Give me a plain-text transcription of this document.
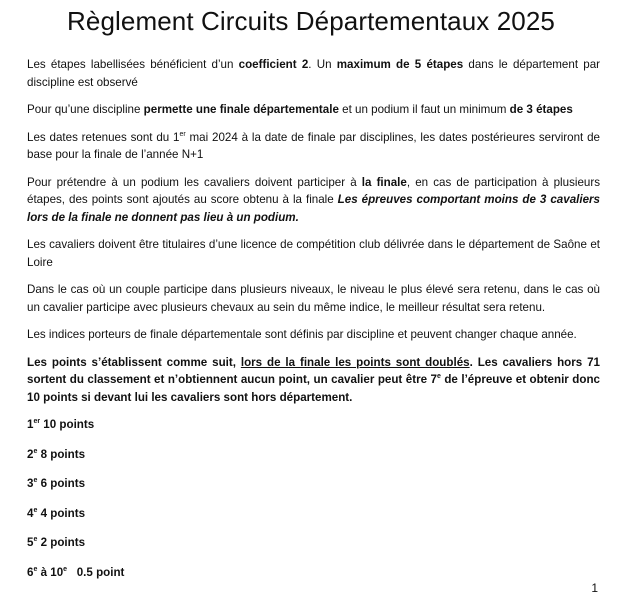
Règlement Circuits Départementaux 2025

Les étapes labellisées bénéficient d’un coefficient 2. Un maximum de 5 étapes dans le département par discipline est observé

Pour qu’une discipline permette une finale départementale et un podium il faut un minimum de 3 étapes

Les dates retenues sont du 1er mai 2024 à la date de finale par disciplines, les dates postérieures serviront de base pour la finale de l’année N+1

Pour prétendre à un podium les cavaliers doivent participer à la finale, en cas de participation à plusieurs étapes, des points sont ajoutés au score obtenu à la finale Les épreuves comportant moins de 3 cavaliers lors de la finale ne donnent pas lieu à un podium.

Les cavaliers doivent être titulaires d’une licence de compétition club délivrée dans le département de Saône et Loire

Dans le cas où un couple participe dans plusieurs niveaux, le niveau le plus élevé sera retenu, dans le cas où un cavalier participe avec plusieurs chevaux au sein du même indice, le meilleur résultat sera retenu.

Les indices porteurs de finale départementale sont définis par discipline et peuvent changer chaque année.

Les points s’établissent comme suit, lors de la finale les points sont doublés. Les cavaliers hors 71 sortent du classement et n’obtiennent aucun point, un cavalier peut être 7e de l’épreuve et obtenir donc 10 points si devant lui les cavaliers sont hors département.

1er 10 points

2e 8 points

3e 6 points

4e 4 points

5e 2 points

6e à 10e   0.5 point

1
